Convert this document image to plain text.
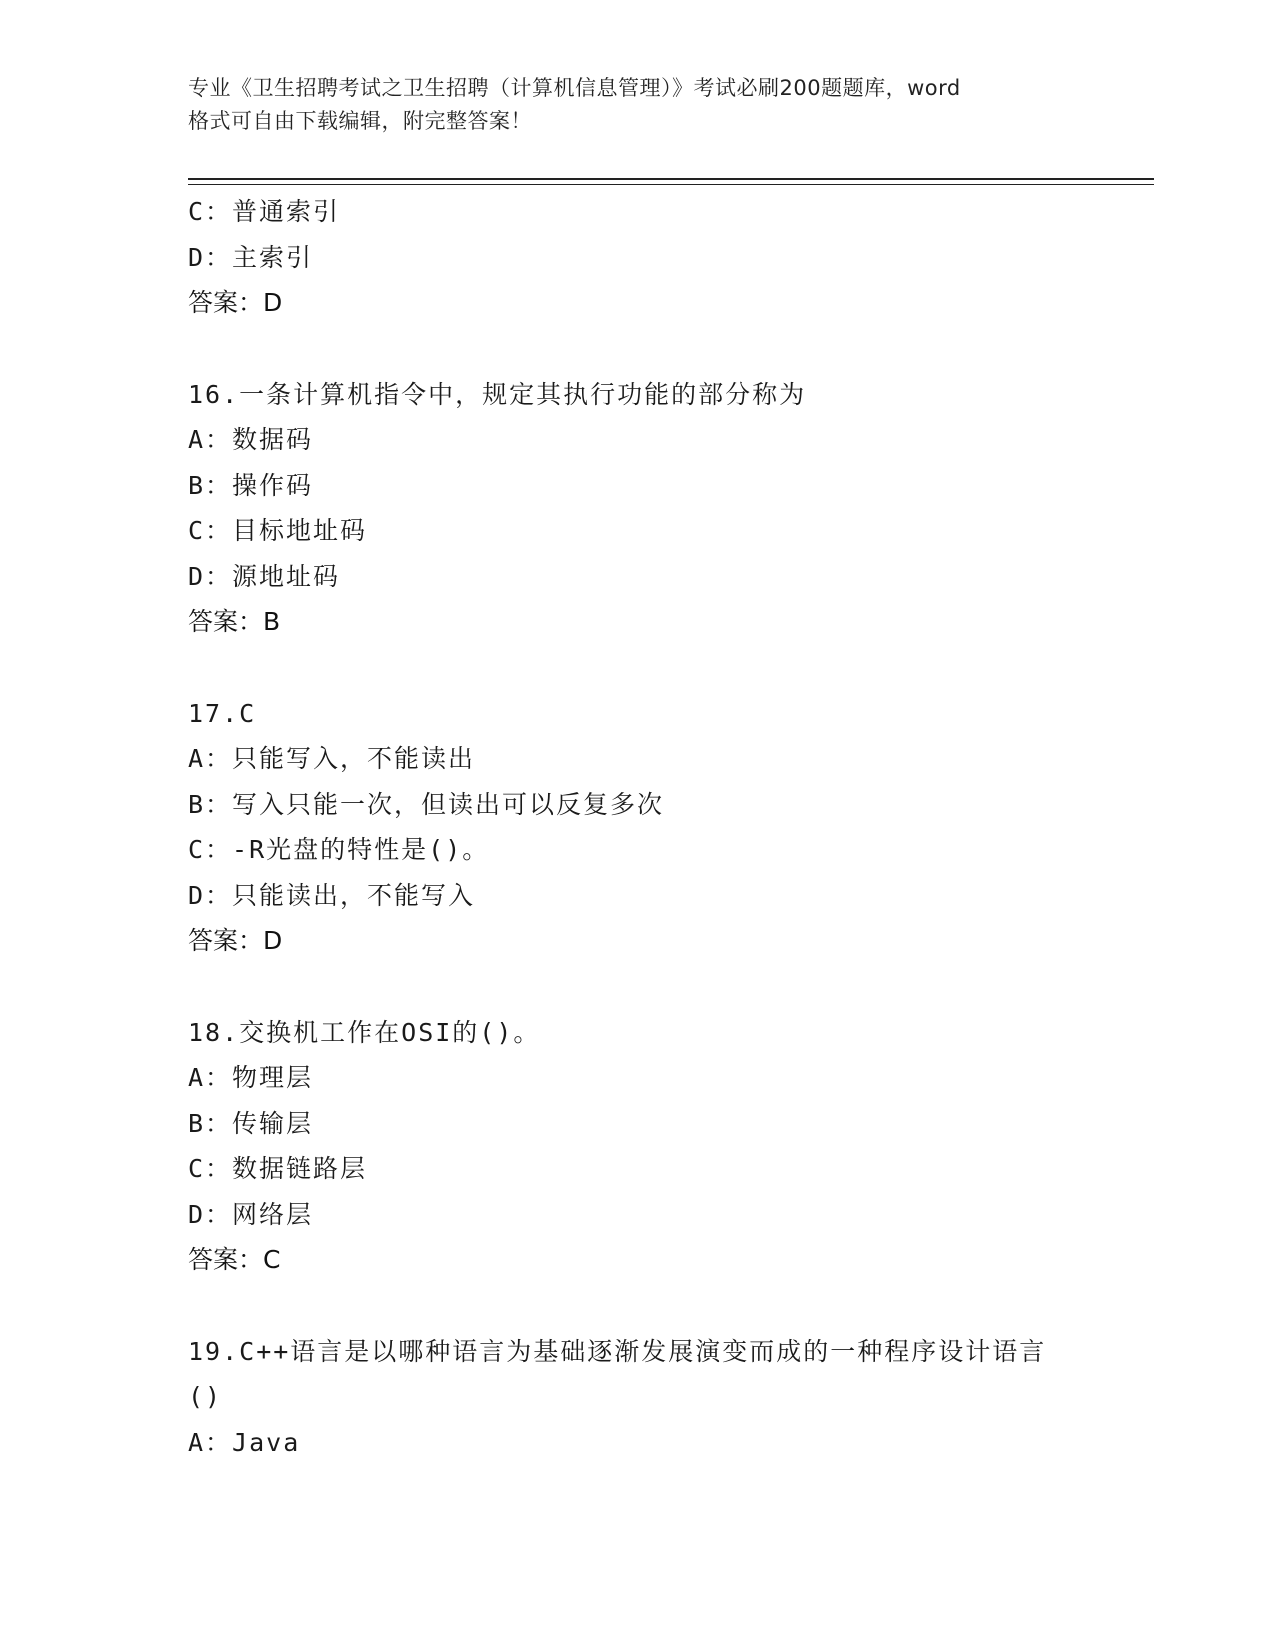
专业《卫生招聘考试之卫生招聘（计算机信息管理）》考试必刷200题题库，word
格式可自由下载编辑，附完整答案！
C：普通索引
D：主索引
答案：D
16.一条计算机指令中，规定其执行功能的部分称为
A：数据码
B：操作码
C：目标地址码
D：源地址码
答案：B
17.C
A：只能写入，不能读出
B：写入只能一次，但读出可以反复多次
C：-R光盘的特性是()。
D：只能读出，不能写入
答案：D
18.交换机工作在OSI的()。
A：物理层
B：传输层
C：数据链路层
D：网络层
答案：C
19.C++语言是以哪种语言为基础逐渐发展演变而成的一种程序设计语言()
A：Java
